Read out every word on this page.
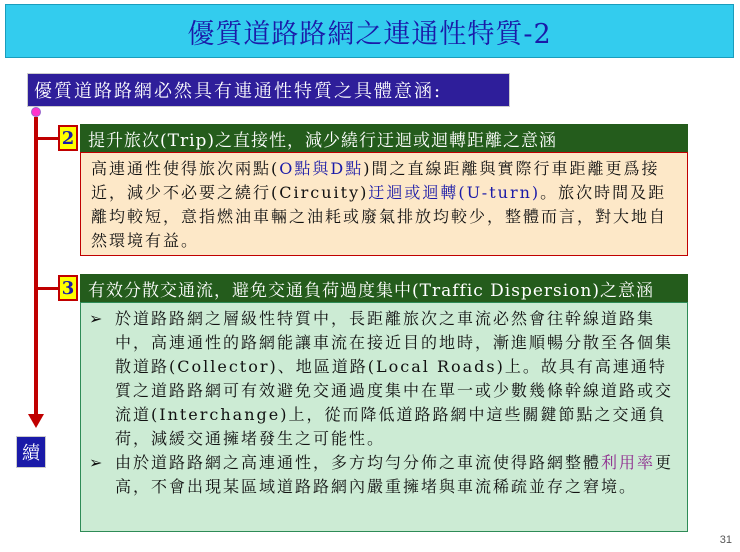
優質道路路網之連通性特質-2
優質道路路網必然具有連通性特質之具體意涵:
2 提升旅次(Trip)之直接性，減少繞行迂迴或迴轉距離之意涵
高連通性使得旅次兩點(O點與D點)間之直線距離與實際行車距離更爲接近，減少不必要之繞行(Circuity)迂迴或迴轉(U-turn)。旅次時間及距離均較短，意指燃油車輛之油耗或廢氣排放均較少，整體而言，對大地自然環境有益。
3 有效分散交通流，避免交通負荷過度集中(Traffic Dispersion)之意涵
➢ 於道路路網之層級性特質中，長距離旅次之車流必然會往幹線道路集中，高連通性的路網能讓車流在接近目的地時，漸進順暢分散至各個集散道路(Collector)、地區道路(Local Roads)上。故具有高連通特質之道路路網可有效避免交通過度集中在單一或少數幾條幹線道路或交流道(Interchange)上，從而降低道路路網中這些關鍵節點之交通負荷，減緩交通擁堵發生之可能性。
➢ 由於道路路網之高連通性，多方均勻分佈之車流使得路網整體利用率更高，不會出現某區域道路路網內嚴重擁堵與車流稀疏並存之窘境。
續
31
